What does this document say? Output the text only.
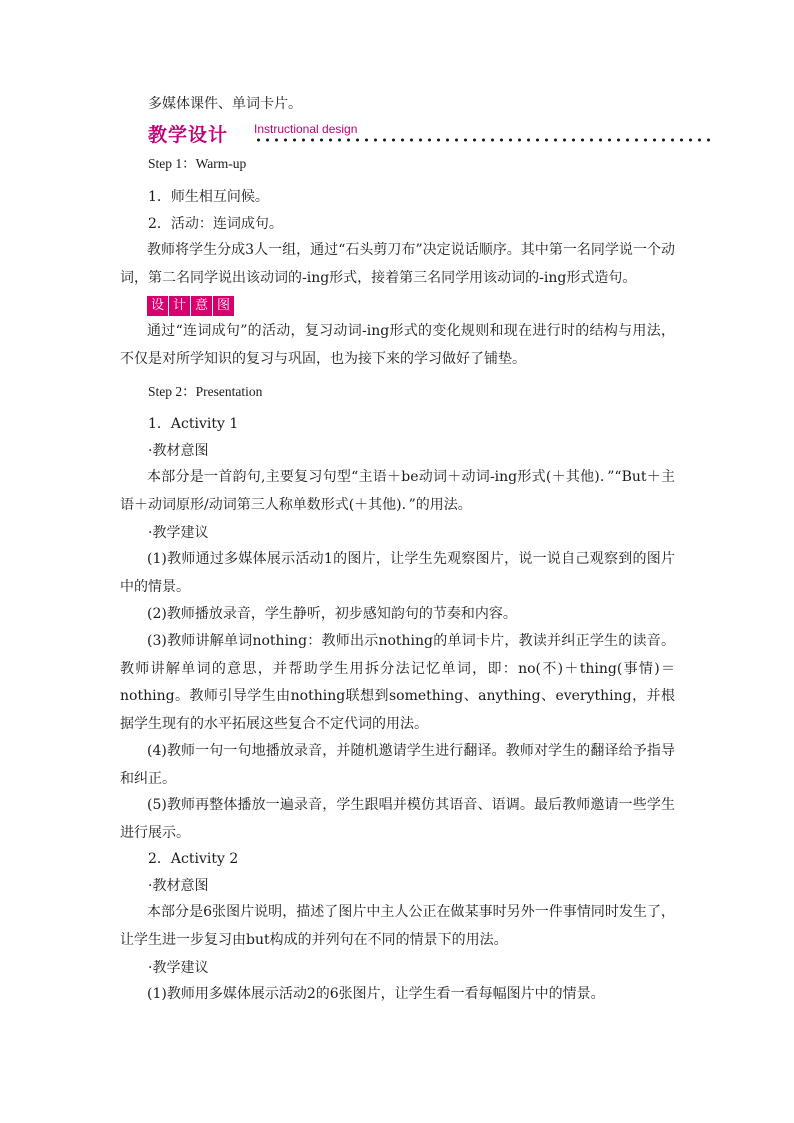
多媒体课件、单词卡片。
教学设计 Instructional design
Step 1：Warm-up
1．师生相互问候。
2．活动：连词成句。
教师将学生分成3人一组，通过“石头剪刀布”决定说话顺序。其中第一名同学说一个动词，第二名同学说出该动词的-ing形式，接着第三名同学用该动词的-ing形式造句。
设 计 意 图
通过“连词成句”的活动，复习动词-ing形式的变化规则和现在进行时的结构与用法，不仅是对所学知识的复习与巩固，也为接下来的学习做好了铺垫。
Step 2：Presentation
1．Activity 1
·教材意图
本部分是一首韵句,主要复习句型“主语＋be动词＋动词-ing形式(＋其他)．”“But＋主语＋动词原形/动词第三人称单数形式(＋其他)．”的用法。
·教学建议
(1)教师通过多媒体展示活动1的图片，让学生先观察图片，说一说自己观察到的图片中的情景。
(2)教师播放录音，学生静听，初步感知韵句的节奏和内容。
(3)教师讲解单词nothing：教师出示nothing的单词卡片，教读并纠正学生的读音。教师讲解单词的意思，并帮助学生用拆分法记忆单词，即：no(不)＋thing(事情)＝nothing。教师引导学生由nothing联想到something、anything、everything，并根据学生现有的水平拓展这些复合不定代词的用法。
(4)教师一句一句地播放录音，并随机邀请学生进行翻译。教师对学生的翻译给予指导和纠正。
(5)教师再整体播放一遍录音，学生跟唱并模仿其语音、语调。最后教师邀请一些学生进行展示。
2．Activity 2
·教材意图
本部分是6张图片说明，描述了图片中主人公正在做某事时另外一件事情同时发生了，让学生进一步复习由but构成的并列句在不同的情景下的用法。
·教学建议
(1)教师用多媒体展示活动2的6张图片，让学生看一看每幅图片中的情景。
